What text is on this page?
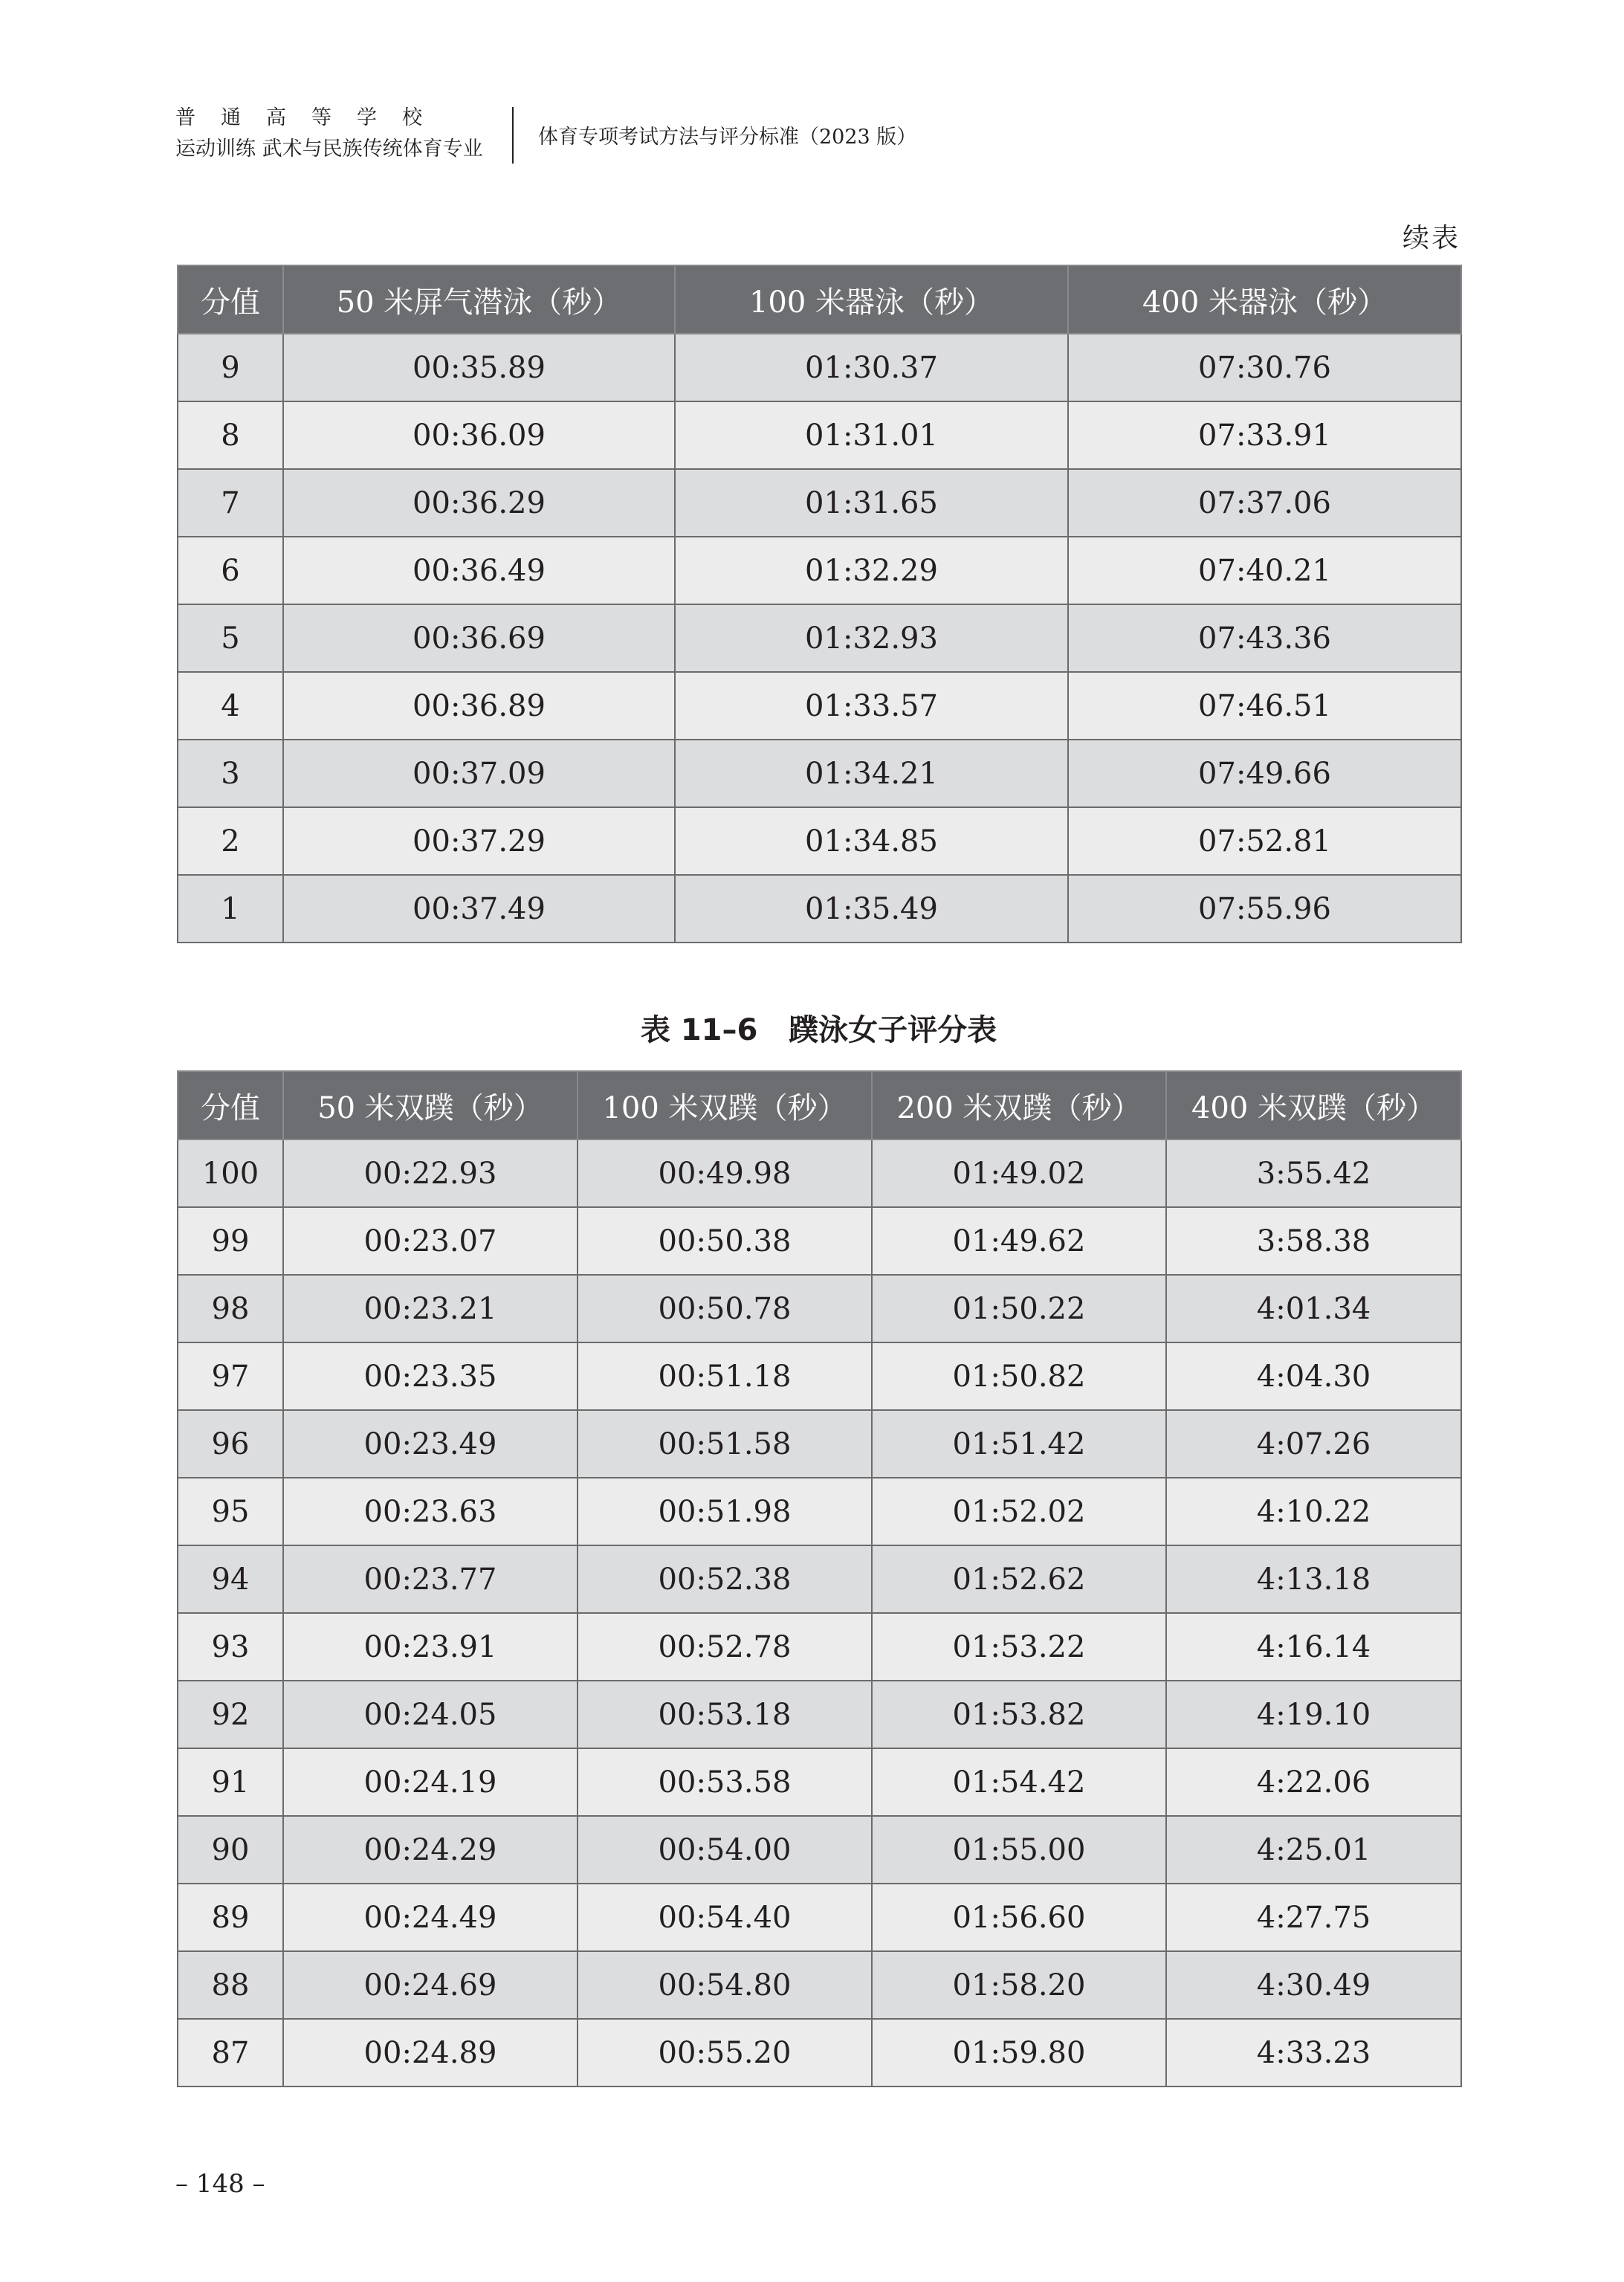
普通高等学校
运动训练 武术与民族传统体育专业
体育专项考试方法与评分标准（2023 版）
续表
分值	50 米屏气潜泳（秒）	100 米器泳（秒）	400 米器泳（秒）
9	00:35.89	01:30.37	07:30.76
8	00:36.09	01:31.01	07:33.91
7	00:36.29	01:31.65	07:37.06
6	00:36.49	01:32.29	07:40.21
5	00:36.69	01:32.93	07:43.36
4	00:36.89	01:33.57	07:46.51
3	00:37.09	01:34.21	07:49.66
2	00:37.29	01:34.85	07:52.81
1	00:37.49	01:35.49	07:55.96
表 11–6   蹼泳女子评分表
分值	50 米双蹼（秒）	100 米双蹼（秒）	200 米双蹼（秒）	400 米双蹼（秒）
100	00:22.93	00:49.98	01:49.02	3:55.42
99	00:23.07	00:50.38	01:49.62	3:58.38
98	00:23.21	00:50.78	01:50.22	4:01.34
97	00:23.35	00:51.18	01:50.82	4:04.30
96	00:23.49	00:51.58	01:51.42	4:07.26
95	00:23.63	00:51.98	01:52.02	4:10.22
94	00:23.77	00:52.38	01:52.62	4:13.18
93	00:23.91	00:52.78	01:53.22	4:16.14
92	00:24.05	00:53.18	01:53.82	4:19.10
91	00:24.19	00:53.58	01:54.42	4:22.06
90	00:24.29	00:54.00	01:55.00	4:25.01
89	00:24.49	00:54.40	01:56.60	4:27.75
88	00:24.69	00:54.80	01:58.20	4:30.49
87	00:24.89	00:55.20	01:59.80	4:33.23
– 148 –
